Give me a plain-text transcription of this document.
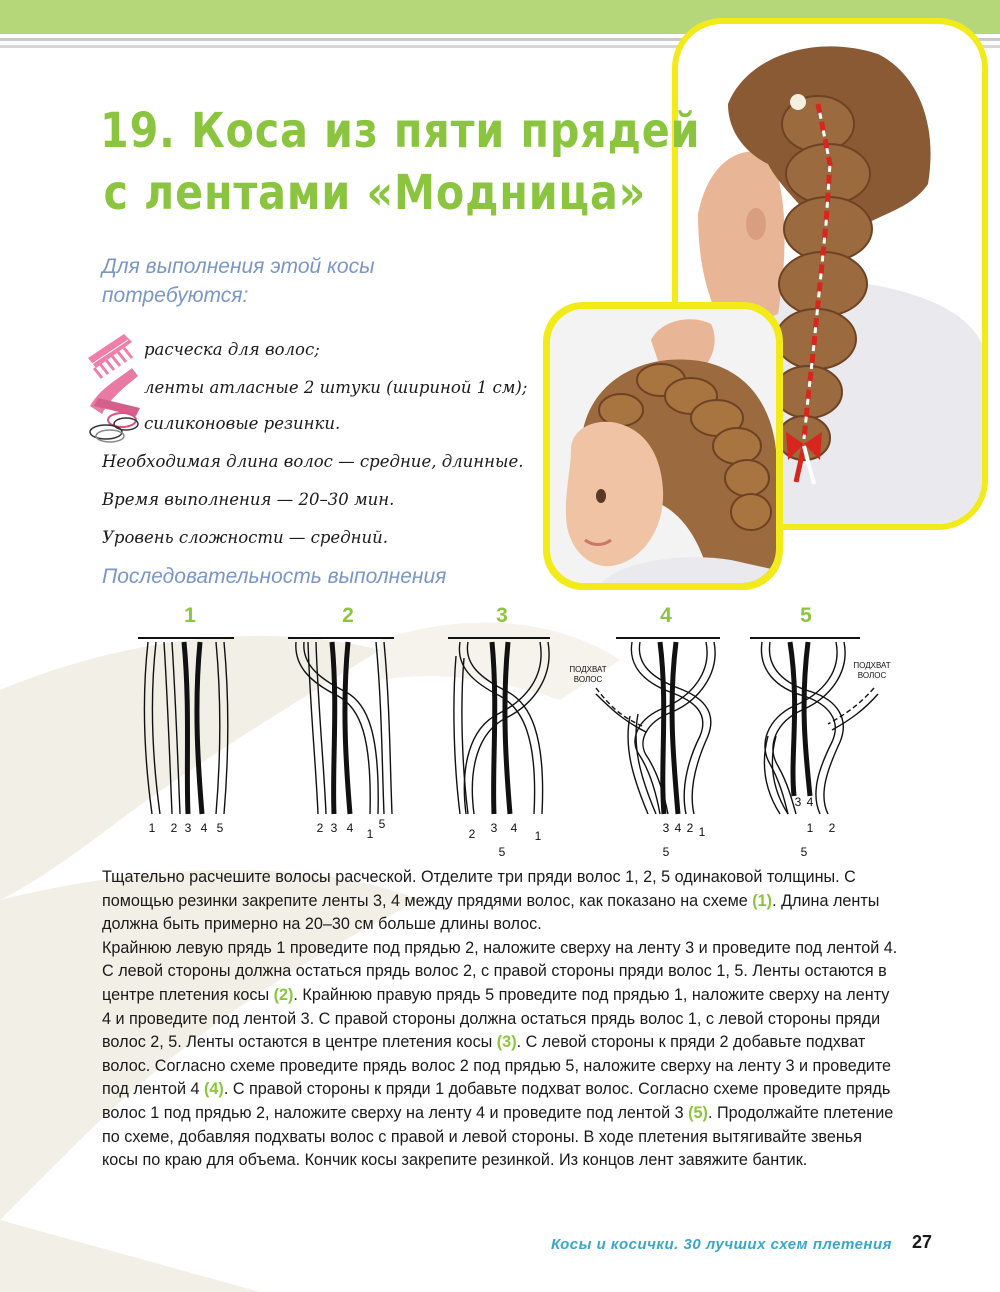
19. Коса из пяти прядей
с лентами «Модница»

Для выполнения этой косы
потребуются:

расческа для волос;
ленты атласные 2 штуки (шириной 1 см);
силиконовые резинки.
Необходимая длина волос — средние, длинные.
Время выполнения — 20–30 мин.
Уровень сложности — средний.

Последовательность выполнения

1	2	3	4	5
1 2 3 4 5	2 3 4 1
5
2 3 4
1
5
ПОДХВАТ
ВОЛОС
3 4 2 1
5
ПОДХВАТ
ВОЛОС
3 4
1 2
5

Тщательно расчешите волосы расческой. Отделите три пряди волос 1, 2, 5 одинаковой толщины. С помощью резинки закрепите ленты 3, 4 между прядями волос, как показано на схеме (1). Длина ленты должна быть примерно на 20–30 см больше длины волос.

Крайнюю левую прядь 1 проведите под прядью 2, наложите сверху на ленту 3 и проведите под лентой 4. С левой стороны должна остаться прядь волос 2, с правой стороны пряди волос 1, 5. Ленты остаются в центре плетения косы (2). Крайнюю правую прядь 5 проведите под прядью 1, наложите сверху на ленту 4 и проведите под лентой 3. С правой стороны должна остаться прядь волос 1, с левой стороны пряди волос 2, 5. Ленты остаются в центре плетения косы (3). С левой стороны к пряди 2 добавьте подхват волос. Согласно схеме проведите прядь волос 2 под прядью 5, наложите сверху на ленту 3 и проведите под лентой 4 (4). С правой стороны к пряди 1 добавьте подхват волос. Согласно схеме проведите прядь волос 1 под прядью 2, наложите сверху на ленту 4 и проведите под лентой 3 (5). Продолжайте плетение по схеме, добавляя подхваты волос с правой и левой стороны. В ходе плетения вытягивайте звенья косы по краю для объема. Кончик косы закрепите резинкой. Из концов лент завяжите бантик.

Косы и косички. 30 лучших схем плетения 27
